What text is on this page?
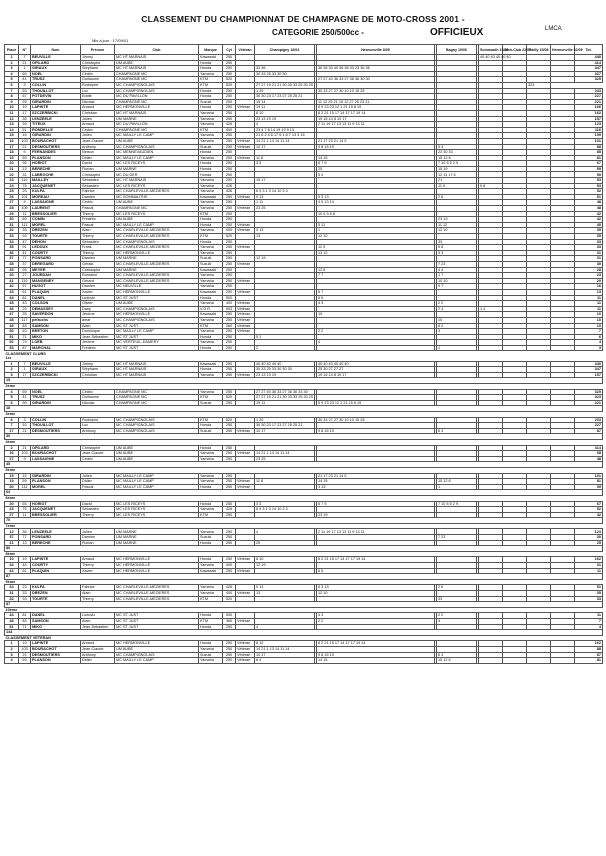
CLASSEMENT DU CHAMPIONNAT DE CHAMPAGNE DE MOTO-CROSS 2001 -
CATEGORIE 250/500cc -	OFFICIEUX	LMCA
Mis à jour : 17/09/01
Place	N°	Nom	Prénom	Club	Marque	Cyl	Vétéran	Champigny 16/04		Hermonville 8/05		Bagny 10/06		Sommauth 15/07	Jack-Club 22/07	Mailly 15/08	Hermonville 02/09	Tot.
1	7	BEUVILLE	Jimmy	MC HT MARNAIS	Kawasaki	250								40 40 40 40 40 40				440
2	21	OPILARD	Christophe	UM AUBE	Honda	250												414
3	1	GIRAUX	Stéphane	MC HT MARNAIS	Honda	250		33 36		36 36 33 40 36 36 33 23 36 36								347
4	69	NOEL	Cédric	CHAMPAGNE MC	Yamaha	250		30 33 25 33 30 30										327
5	41	TRUSZ	Guillaume	CHAMPAGNE MC	KTM	520				27 27 40 36 33 27 36 36 30 30								325
6	3	COLLIN	Rodolphe	MC CHAMPIGNOLAIS	KTM	520		27 27 15 21 21 30 33 33 25 30 25								323		
7	53	THOUILLOT	Luc	MC CHAMPIGNOLAIS	Honda	250		1 25		30 33 27 27 30 10 10 15 25								233
8	67	POTDEVIN	Eddie	MC DU PAVILLON	Honda	250		36 30 23 17 23 27 25 25 21										227
9	99	GIRARDIN	Nicolas	CHAMPAGNE MC	Suzuki	250		15 14		11 12 25 21 15 12 27 25 23 21								221
10	19	LAPINTE	Arnaud	MC HERMONVILLE	Honda	250	Vétéran	19 11		5 9 23 23 12 1 21 15 8 19								166
11	17	SZCZERBICKI	Christian	MC HT MARNAIS	Yamaha	250		8 10		8 2 21 15 17 14 17 17 19 14								162
12	35	LENZEELE	Julien	UM MARNE	Yamaha	250		23 13 19 19		19 15 14 8 10 17								157
13	39	TITEUX	Arnaud	MC DU PAVILLON	Yamaha	426		4		2 11 19 17 13 13 11 9 13 11								123
14	51	RONDELLE	Cédric	CHAMPAGNE MC	KTM	400		23 4 7 8 14 19 19 9 13										116
15	15	GIRARDIN	Julien	MC MAILLY LE CAMP	Yamaha	250		21 6 2 4 6 17 6 1 8 7 13 3 15										109
16	103	BOURACHOT	Jean-Claude	UM AUBE	Yamaha	250	Vétéran	14 21 1 13 14 11 14		21 17 23 21 14 5								101
17	21	DESMOUTIERS	Anthony	MC CHAMPIGNOLAIS	Suzuki	250	Vétéran	10 17		9 8 15 19		5 4						88
18	9	FERNANDES	Nelson	MC MENNEVAUDIEN	Honda	250						22 30 33						85
19	59	PLANSON	Didier	MC MAILLY LE CAMP	Yamaha	250	Vétéran	11 8		14 15		15 12 6						81
20	95	HORIOT	David	MC LES RICEYS	Honda	250		3 3		6 7 9		7 10 6 5 2 9						67
21	13	BERECHE	Florian	UM MARNE	Honda	250				25		15 19						59
22	31	LABROCHE	Christophe	MC DU DER	Honda	250				5 4		12 11 17 6						55
23	115	MAILLEY	Sébastien	MC HT MARNAIS	Yamaha	250		15 17				21						53
24	75	JACQUENET	Sébastien	MC LES RICEYS	Yamaha	426						11 9		5 8				53
25	23	KULPA	Fabrice	MC CHARLEVILLE-MEZIERES	Yamaha	426		6 9 3 1 3 14 10 3 3										52
26	101	MOREAU	Damien	MC SOMMAUTHE	Kawasaki	250	Vétéran	9 13		5 3 13		2 6						51
27	9	LASSAIGNE	Cédric	UM AUBE	Yamaha	250		1 11		4 5 13 14								48
28	109	LAURENT	Pascal	CHAMPAGNE MC	Yamaha	250	Vétéran	23 25										48
29	11	BRESSOLIER	Thierry	MC LES RICEYS	KTM	250				10 9 9 6 8								42
30	89	COMIN	Frédéric	UM AUBE	Honda	250						23 19						42
31	111	MOREL	Pascal	MC MAILLY LE CAMP	Honda	250	Vétéran			5 11		11 12						40
32	33	DREZEN	Alain	MC CHARLEVILLE-MEZIERES	Yamaha	400	Vétéran	3 13		1		12 10						39
33	93	TOURTE	Thierry	MC CHARLEVILLE-MEZIERES	KTM	520		13		12 10								35
34	47	DEHON	Sébastien	MC CHAMPIGNOLAIS	Honda	250						33						33
35	91	LEDOUX	Frank	MC CHARLEVILLE-MEZIERES	Yamaha	250	Vétéran			11 9		5 8						33
36	41	COURTY	Thierry	MC HERMONVILLE	Yamaha	250				13 12		3 3						31
37	77	PONSARD	Damien	UM MARNE	Suzuki	250		12 19										31
38	37	DEREGARD	Gérald	MC CHARLEVILLE-MEZIERES	Suzuki	250	Vétéran					7 23						30
39	95	MEYER	Christophe	UM MARNE	Kawasaki	250				12 8		4 4						28
40	27	JOURDAN	Romaine	MC CHARLEVILLE-MEZIERES	Yamaha	250				7 7		1 7						23
41	119	MANGENEY	Gérard	MC CHARLEVILLE-MEZIERES	Yamaha	250	Vétéran					10 10						20
42	57	HUGOT	Damien	MC NEUVILLE	Yamaha	250						9 7						16
43	61	PLAQUIN	Xavier	MC HERMONVILLE	Kawasaki	250	Vétéran			6 7								13
44	81	DANEL	Ludovic	MC ST JUST	Honda	500				6 5								11
45	43	COLSON	Olivier	UM AUBE	Yamaha	400	Vétéran			4 3		2 2						11
46	29	DEMASSEY	Dany	MC CHAMPIGNOLAIS	V.O.R.	503	Vétéran					2 4		1 4				11
47	25	SAVERDON	Jérôme	MC HERMONVILLE	Kawasaki	250	Vétéran			10								10
48	117	petruchs	amar	MC CHAMPIGNOLAIS	Yamaha	250	Vétéran					10						10
49	83	SAMSON	Alain	MC ST JUST	KTM	360	Vétéran					8 2						10
50	63	BRETON	Dominique	MC MAILLY LE CAMP	Yamaha	250	Vétéran			2 2		3						7
51	71	MIKO	Jean-Sébastien	MC ST JUST	Honda	250		5 1										6
52	79	LOEB	Jérôme	MC VERTEUIL-DAMERY	Yamaha	250				4								4
53	87	MARCHAL	Frédéric	MC ST JUST	Honda	250		2				1						3
CLASSEMENT CLUBS																		
1er																		
1	7	BEUVILLE	Jimmy	MC HT MARNAIS	Kawasaki	250		40 40 40 40 40		40 40 40 40 40 40								440
2	1	GIRAUX	Stéphane	MC HT MARNAIS	Honda	250		30 33 25 33 30 30 30		25 30 27 27 27								347
3	17	SZCZERBICKI	Christian	MC HT MARNAIS	Yamaha	250	Vétéran	23 13 19 19		19 15 14 8 10 17								157
15																		
2ème																		
4	69	NOEL	Cédric	CHAMPAGNE MC	Yamaha	250		27 27 40 36 33 27 36 36 33 30										325
5	41	TRUSZ	Guillaume	CHAMPAGNE MC	KTM	520		27 27 15 21 21 30 33 33 25 30 25										323
6	99	GIRARDIN	Nicolas	CHAMPAGNE MC	Suzuki	250		19 11		5 9 23 23 12 1 21 15 8 19								221
18																		
3ème																		
6	3	COLLIN	Rodolphe	MC CHAMPIGNOLAIS	KTM	520		1 25		30 33 27 27 30 10 10 15 25								233
7	53	THOUILLOT	Luc	MC CHAMPIGNOLAIS	Honda	250		36 30 23 17 23 27 25 25 21										227
17	21	DESMOUTIERS	Anthony	MC CHAMPIGNOLAIS	Suzuki	250	Vétéran	10 17		9 8 15 19		5 4						87
30																		
4ème																		
2	21	OPILARD	Christophe	UM AUBE	Honda	250												414
16	103	BOURACHOT	Jean-Claude	UM AUBE	Yamaha	250	Vétéran	14 21 1 13 14 11 14										68
27	9	LASSAIGNE	Cédric	UM AUBE	Yamaha	250		23 25										48
45																		
5ème																		
15	15	GIRARDIN	Julien	MC MAILLY LE CAMP	Yamaha	250				21 17 23 21 14 5								101
19	59	PLANSON	Didier	MC MAILLY LE CAMP	Yamaha	250	Vétéran	11 8		14 15		15 12 6						81
30	111	MOREL	Pascal	MC MAILLY LE CAMP	Honda	250	Vétéran			3 13		1						39
64																		
6ème																		
20	65	HORIOT	David	MC LES RICEYS	Honda	250		3 3		6 7 9		7 10 6 5 2 9						67
23	75	JACQUENET	Sébastien	MC LES RICEYS	Yamaha	426		6 9 3 1 3 14 10 3 3										52
27	11	BRESSOLIER	Thierry	MC LES RICEYS	KTM	250				23 19								42
70																		
7ème																		
12	35	LENZEELE	Julien	UM MARNE	Yamaha	250		4		2 11 19 17 13 13 11 9 13 11								123
37	77	PONSARD	Damien	UM MARNE	Suzuki	250						7 23						30
21	13	BERECHE	Florian	UM MARNE	Honda	250		25										25
86																		
8ème																		
10	19	LAPINTE	Arnaud	MC HERMONVILLE	Honda	250	Vétéran	8 10		8 2 21 15 17 14 17 17 19 14								162
34	45	COURTY	Thierry	MC HERMONVILLE	Yamaha	400		12 19										31
43	61	PLAQUIN	Xavier	MC HERMONVILLE	Kawasaki	250	Vétéran			6 5								11
87																		
9ème																		
24	23	KULPA	Fabrice	MC CHARLEVILLE-MEZIERES	Yamaha	426		9 13		5 3 13		2 6						51
31	33	DREZEN	Alain	MC CHARLEVILLE-MEZIERES	Yamaha	400	Vétéran	13		12 10								35
32	93	TOURTE	Thierry	MC CHARLEVILLE-MEZIERES	KTM	520						33						33
87																		
10ème																		
44	81	DANEL	Ludovic	MC ST JUST	Honda	500				4 3		2 2						11
48	83	SAMSON	Alain	MC ST JUST	KTM	360	Vétéran			2 2		3						7
51	71	MIKO	Jean-Sébastien	MC ST JUST	Honda	250		4										4
144																		
CLASSEMENT VETERAN																		
1	19	LAPINTE	Arnaud	MC HERMONVILLE	Honda	250	Vétéran	8 10		8 2 21 15 17 14 17 17 19 14								162
2	103	BOURACHOT	Jean-Claude	UM AUBE	Yamaha	250	Vétéran	14 21 1 13 14 11 14										88
3	21	DESMOUTIERS	Anthony	MC CHAMPIGNOLAIS	Suzuki	250	Vétéran	10 17		9 8 15 19		5 4						87
4	59	PLANSON	Didier	MC MAILLY LE CAMP	Yamaha	250	Vétéran	8 4		14 15		15 12 6						81
